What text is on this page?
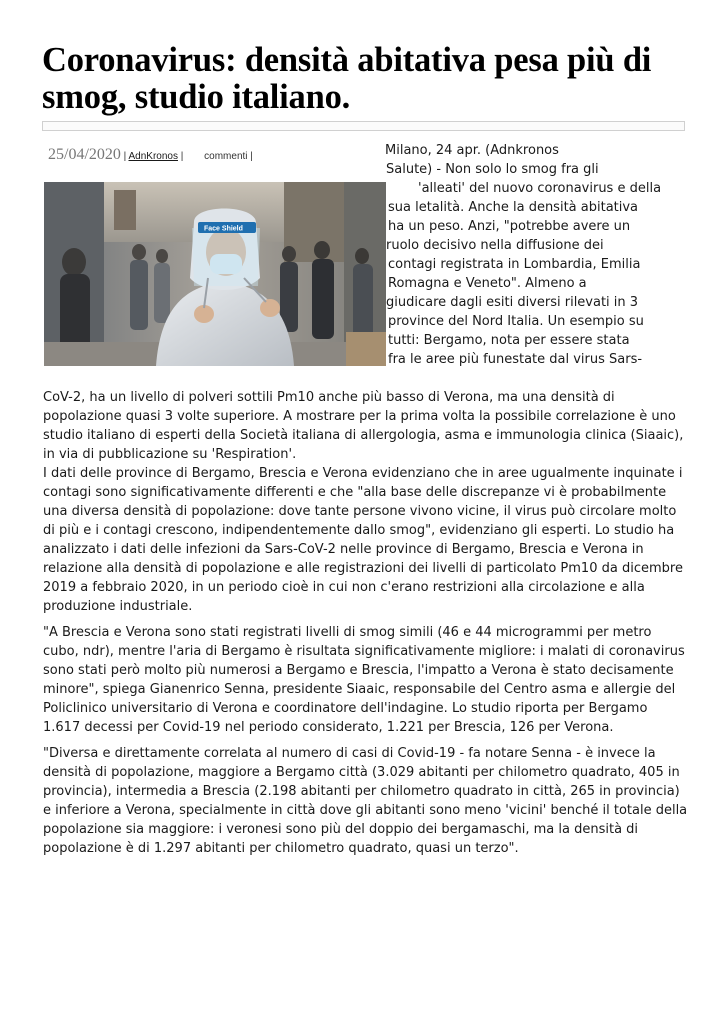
Coronavirus: densità abitativa pesa più di smog, studio italiano.
25/04/2020 | AdnKronos | commenti |
Face Shield
Milano, 24 apr. (Adnkronos
Salute) - Non solo lo smog fra gli
'alleati' del nuovo coronavirus e della
sua letalità. Anche la densità abitativa
ha un peso. Anzi, "potrebbe avere un
ruolo decisivo nella diffusione dei
contagi registrata in Lombardia, Emilia
Romagna e Veneto". Almeno a
giudicare dagli esiti diversi rilevati in 3
province del Nord Italia. Un esempio su
tutti: Bergamo, nota per essere stata
fra le aree più funestate dal virus Sars-

CoV-2, ha un livello di polveri sottili Pm10 anche più basso di Verona, ma una densità di popolazione quasi 3 volte superiore. A mostrare per la prima volta la possibile correlazione è uno studio italiano di esperti della Società italiana di allergologia, asma e immunologia clinica (Siaaic), in via di pubblicazione su 'Respiration'.

I dati delle province di Bergamo, Brescia e Verona evidenziano che in aree ugualmente inquinate i contagi sono significativamente differenti e che "alla base delle discrepanze vi è probabilmente una diversa densità di popolazione: dove tante persone vivono vicine, il virus può circolare molto di più e i contagi crescono, indipendentemente dallo smog", evidenziano gli esperti. Lo studio ha analizzato i dati delle infezioni da Sars-CoV-2 nelle province di Bergamo, Brescia e Verona in relazione alla densità di popolazione e alle registrazioni dei livelli di particolato Pm10 da dicembre 2019 a febbraio 2020, in un periodo cioè in cui non c'erano restrizioni alla circolazione e alla produzione industriale.

"A Brescia e Verona sono stati registrati livelli di smog simili (46 e 44 microgrammi per metro cubo, ndr), mentre l'aria di Bergamo è risultata significativamente migliore: i malati di coronavirus sono stati però molto più numerosi a Bergamo e Brescia, l'impatto a Verona è stato decisamente minore", spiega Gianenrico Senna, presidente Siaaic, responsabile del Centro asma e allergie del Policlinico universitario di Verona e coordinatore dell'indagine. Lo studio riporta per Bergamo 1.617 decessi per Covid-19 nel periodo considerato, 1.221 per Brescia, 126 per Verona.

"Diversa e direttamente correlata al numero di casi di Covid-19 - fa notare Senna - è invece la densità di popolazione, maggiore a Bergamo città (3.029 abitanti per chilometro quadrato, 405 in provincia), intermedia a Brescia (2.198 abitanti per chilometro quadrato in città, 265 in provincia) e inferiore a Verona, specialmente in città dove gli abitanti sono meno 'vicini' benché il totale della popolazione sia maggiore: i veronesi sono più del doppio dei bergamaschi, ma la densità di popolazione è di 1.297 abitanti per chilometro quadrato, quasi un terzo".
